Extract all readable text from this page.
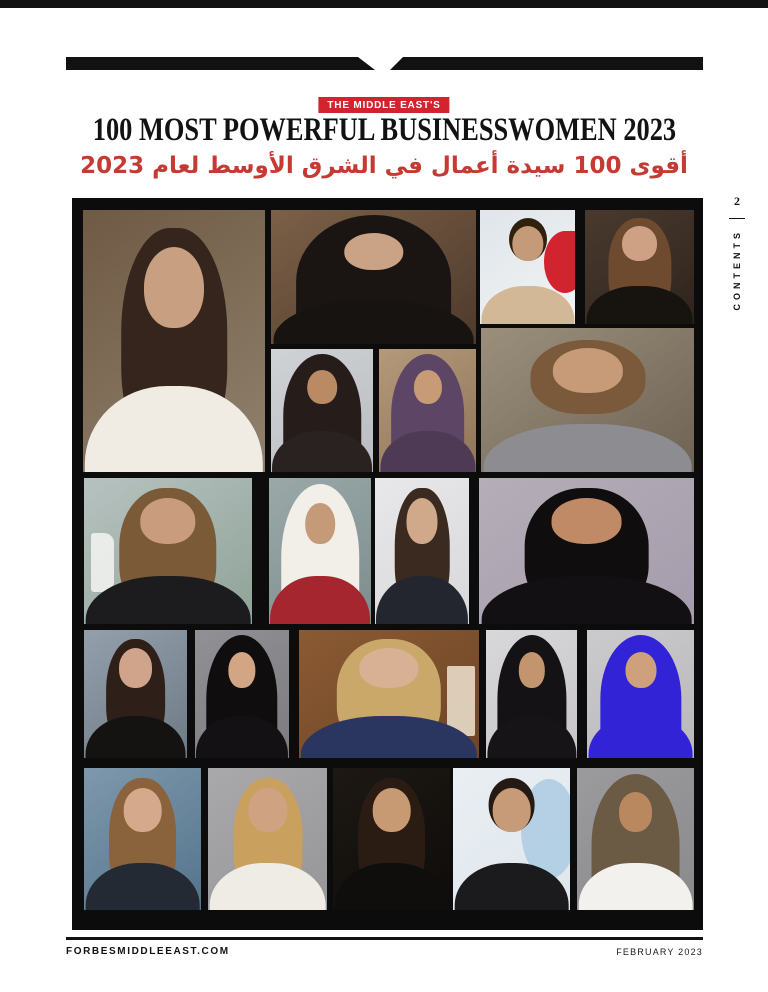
THE MIDDLE EAST'S
100 MOST POWERFUL BUSINESSWOMEN 2023
أقوى 100 سيدة أعمال في الشرق الأوسط لعام 2023
2
CONTENTS
FORBESMIDDLEEAST.COM	FEBRUARY 2023
